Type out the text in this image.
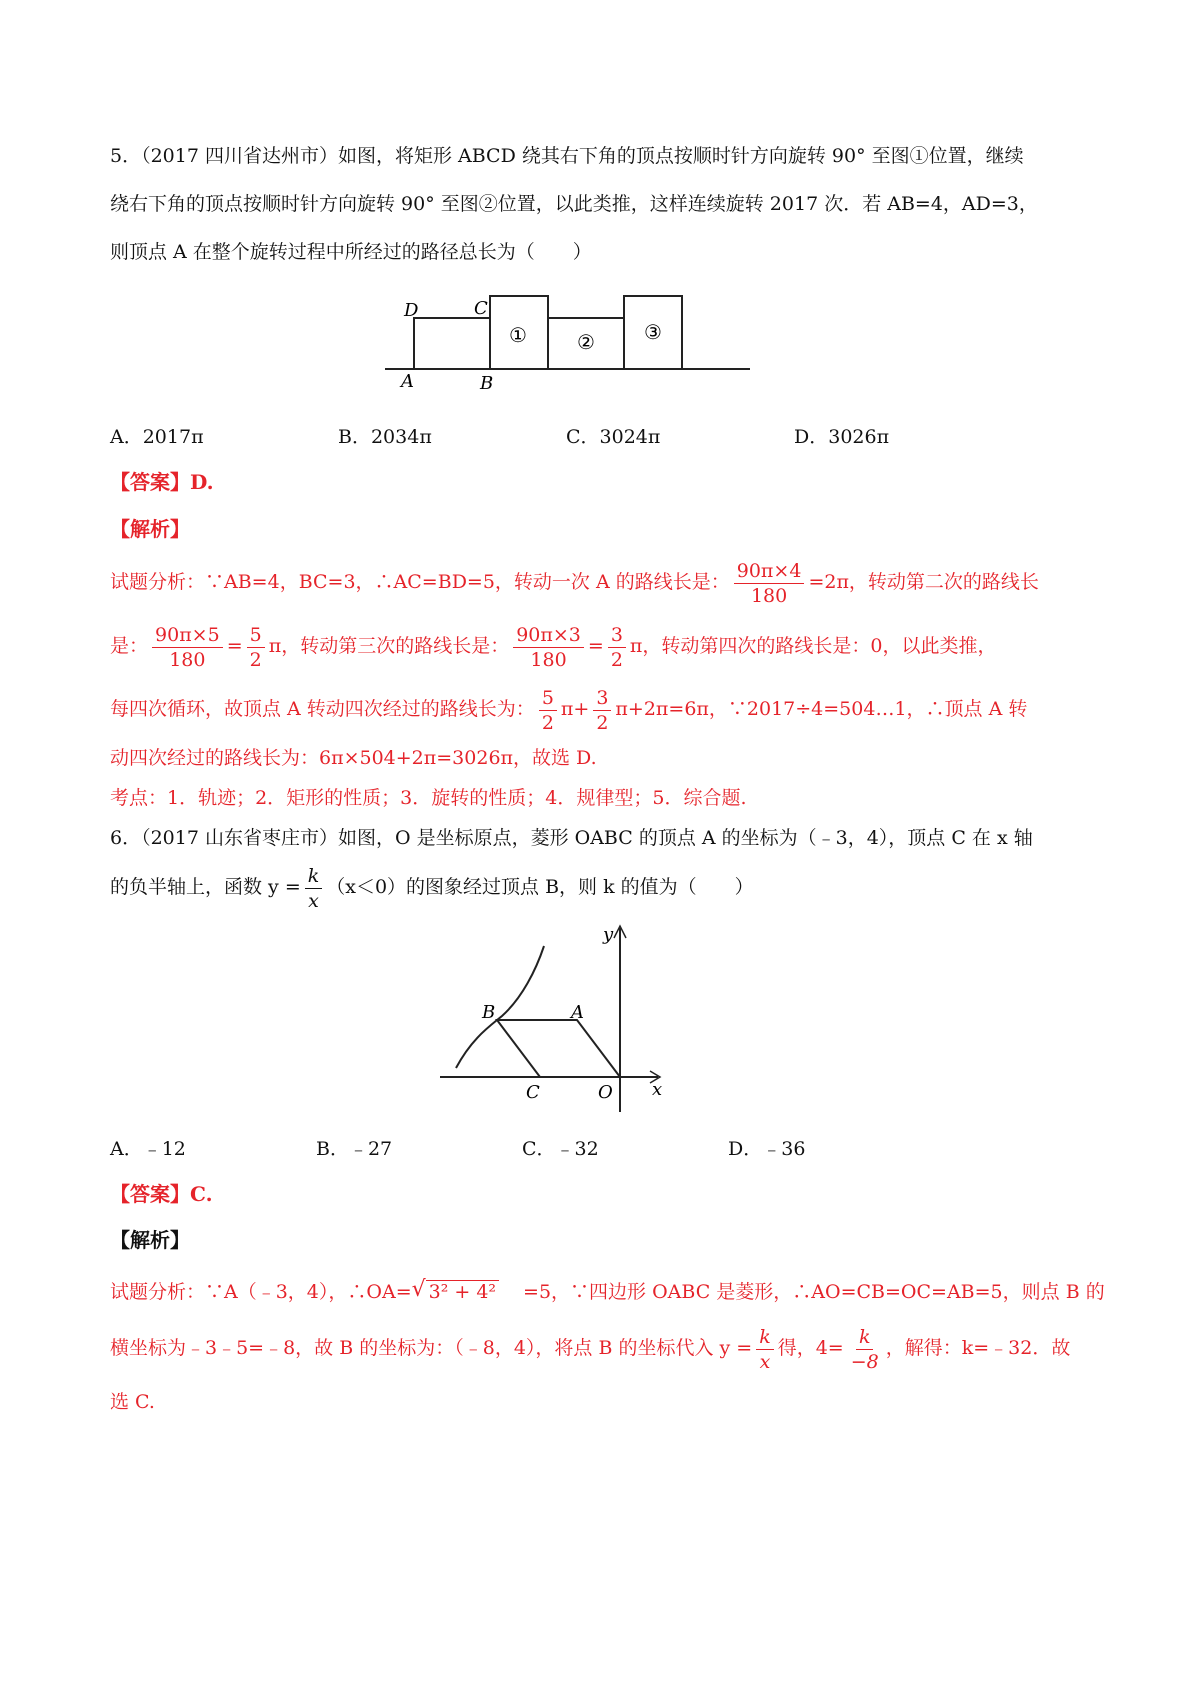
5．（2017 四川省达州市）如图，将矩形 ABCD 绕其右下角的顶点按顺时针方向旋转 90° 至图①位置，继续
绕右下角的顶点按顺时针方向旋转 90° 至图②位置，以此类推，这样连续旋转 2017 次．若 AB=4，AD=3，
则顶点 A 在整个旋转过程中所经过的路径总长为（　　）
D	C
A	B
①	② ③
A．2017π	B．2034π	C．3024π	D．3026π
【答案】D.
【解析】
试题分析：∵AB=4，BC=3，∴AC=BD=5，转动一次 A 的路线长是： $\frac{90\pi\times 4}{180} =2\pi$，转动第二次的路线长
是： $\frac{90\pi\times 5}{180} = \frac{5}{2}$ π，转动第三次的路线长是： $\frac{90\pi\times 3}{180} = \frac{3}{2}$ π，转动第四次的路线长是：0，以此类推，
每四次循环，故顶点 A 转动四次经过的路线长为： $\frac{5}{2} \pi+ \frac{3}{2} \pi+2\pi=6\pi$，∵2017÷4=504…1，∴顶点 A 转
动四次经过的路线长为：6π×504+2π=3026π，故选 D.
考点：1．轨迹；2．矩形的性质；3．旋转的性质；4．规律型；5．综合题.
6．（2017 山东省枣庄市）如图，O 是坐标原点，菱形 OABC 的顶点 A 的坐标为（﹣3，4），顶点 C 在 x 轴
的负半轴上，函数 $y = \frac{k}{x} (x<0)$的图象经过顶点 B，则 k 的值为（　　）
y
x
B	A
C	O
A．﹣12	B．﹣27	C．﹣32	D．﹣36
【答案】C.
【解析】
试题分析：∵A（﹣3，4），∴OA= √ 3² + 4² =5，∵四边形 OABC 是菱形，∴AO=CB=OC=AB=5，则点 B 的
横坐标为﹣3﹣5=﹣8，故 B 的坐标为：（﹣8，4），将点 B 的坐标代入 $y = \frac{k}{x}$ 得，$4= \frac{k}{-8}$ ，解得：k=﹣32．故
选 C.
